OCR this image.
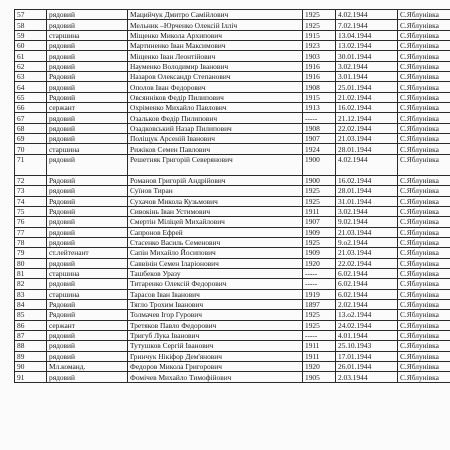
57	рядовий	Мацийчук Дмитро Самійлович	1925	4.02.1944	С.Яблунівка
58	рядовий	Мельник –Юрченко Олексій Ілліч	1925	7.02.1944	С.Яблунівка
59	старшина	Міщенко Микола Архипович	1915	13.04.1944	С.Яблунівка
60	рядовий	Мартиненко Іван Максимович	1923	13.02.1944	С.Яблунівка
61	рядовий	Міщенко Іван Леонтійович	1903	30.01.1944	С.Яблунівка
62	рядовий	Науменко Володимир Іванович	1916	3.02.1944	С.Яблунівка
63	Рядовий	Назаров Олександр Степанович	1916	3.01.1944	С.Яблунівка
64	рядовий	Ополов Іван Федорович	1908	25.01.1944	С.Яблунівка
65	Рядовий	Овсянніков Федір Пилипович	1915	21.02.1944	С.Яблунівка
66	сержант	Охріменко Михайло Павлович	1913	16.02.1944	С.Яблунівка
67	рядовий	Озальков Федір Пилипович	-----	21.12.1944	С.Яблунівка
68	рядовий	Озадковський Назар Пилипович	1908	22.02.1944	С.Яблунівка
69	рядовий	Поліщук Арсеній Іванович	1907	21.03.1944	С.Яблунівка
70	старшина	Рижіков Семен Павлович	1924	28.01.1944	С.Яблунівка
71	рядовий	Решетняк Григорій Северянович	1900	4.02.1944	С.Яблунівка
72	Рядовий	Романов Григорій Андрійович	1900	16.02.1944	С.Яблунівка
73	рядовий	Суїнов Тиран	1925	28.01.1944	С.Яблунівка
74	Рядовий	Сухачов Микола Кузьмович	1925	31.01.1944	С.Яблунівка
75	Рядовий	Сивокінь Іван Устимович	1911	3.02.1944	С.Яблунівка
76	рядовий	Смертін Міліцей Михайлович	1907	9.02.1944	С.Яблунівка
77	рядовий	Сапронов Ефрей	1909	21.03.1944	С.Яблунівка
78	рядовий	Стасенко Василь Семенович	1925	9.о2.1944	С.Яблунівка
79	ст.лейтенант	Сапін Михайло Йосипович	1909	21.03.1944	С.Яблунівка
80	рядовий	Саввінін Семен Іларіонович	1920	22.02.1944	С.Яблунівка
81	старшина	Ташбеков Уразу	-----	6.02.1944	С.Яблунівка
82	рядовий	Титаренко Олексій Федорович	-----	6.02.1944	С.Яблунівка
83	старшина	Тарасов Іван Іванович	1919	6.02.1944	С.Яблунівка
84	Рядовий	Тягло Трохим Іванович	1897	2.02.1944	С.Яблунівка
85	Рядовий	Толмачев Ігор Гурович	1925	13.о2.1944	С.Яблунівка
86	сержант	Третяков Павло Федорович	1925	24.02.1944	С.Яблунівка
87	рядовий	Тригуб Лука Іванович	-----	4.01.1944	С.Яблунівка
88	рядовий	Тутушков Сергій Іванович	1911	25.10.1943	С.Яблунівка
89	рядовий	Гринчук Нікіфор Дем'янович	1911	17.01.1944	С.Яблунівка
90	Мл.команд.	Федоров Микола Григорович	1920	26.01.1944	С.Яблунівка
91	рядовий	Фомічев Михайло Тимофійович	1905	2.03.1944	С.Яблунівка
